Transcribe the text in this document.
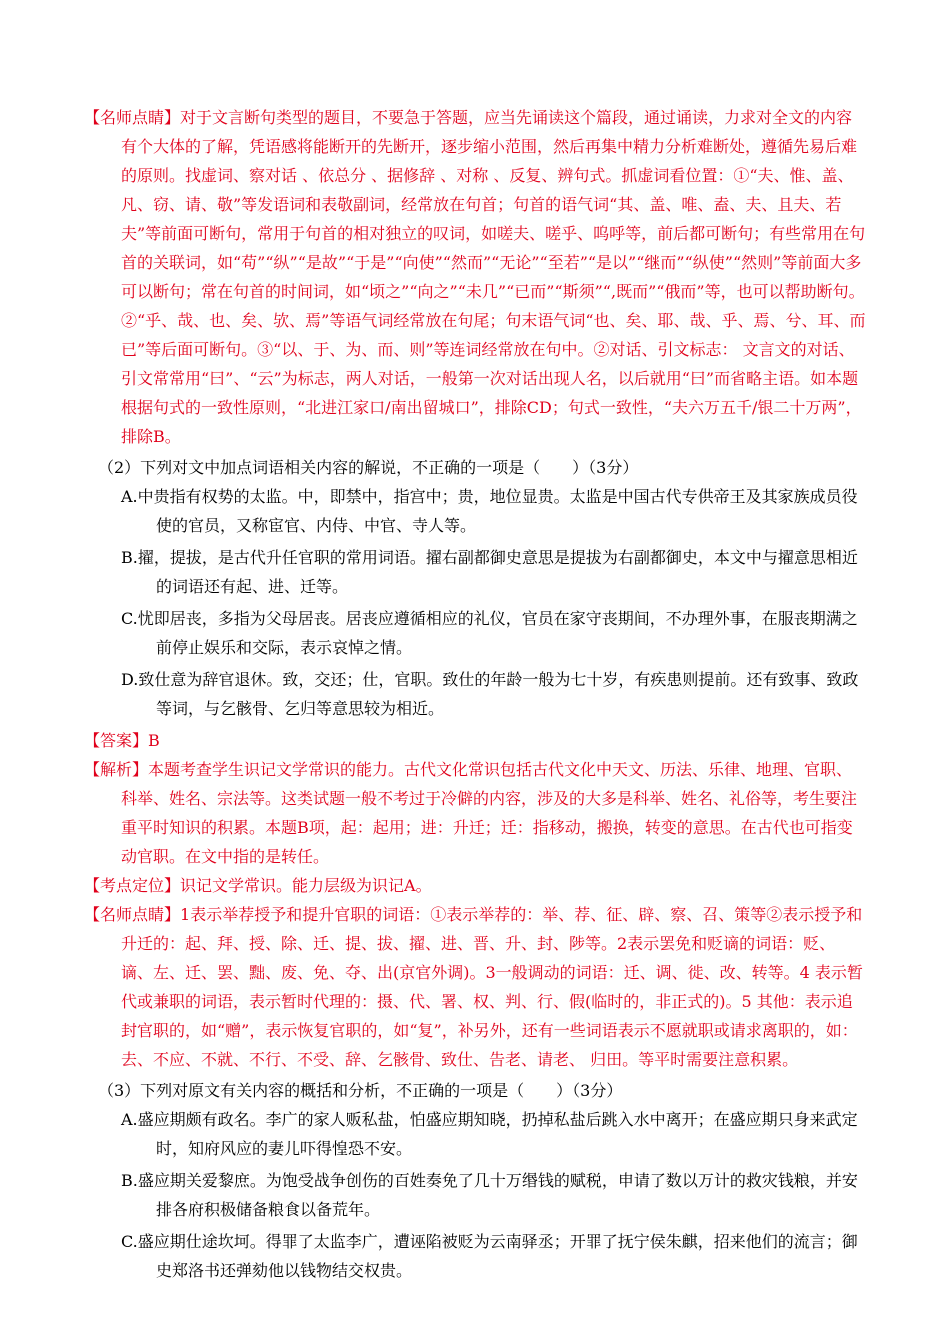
【名师点睛】对于文言断句类型的题目，不要急于答题，应当先诵读这个篇段，通过诵读，力求对全文的内容有个大体的了解，凭语感将能断开的先断开，逐步缩小范围，然后再集中精力分析难断处，遵循先易后难的原则。找虚词、察对话 、依总分 、据修辞 、对称 、反复、辨句式。抓虚词看位置：①“夫、惟、盖、凡、窃、请、敬”等发语词和表敬副词，经常放在句首；句首的语气词“其、盖、唯、盍、夫、且夫、若夫”等前面可断句，常用于句首的相对独立的叹词，如嗟夫、嗟乎、呜呼等，前后都可断句；有些常用在句首的关联词，如“苟”“纵”“是故”“于是”“向使”“然而”“无论”“至若”“是以”“继而”“纵使”“然则”等前面大多可以断句；常在句首的时间词，如“顷之”“向之”“未几”“已而”“斯须”“,既而”“俄而”等，也可以帮助断句。②“乎、哉、也、矣、欤、焉”等语气词经常放在句尾；句末语气词“也、矣、耶、哉、乎、焉、兮、耳、而已”等后面可断句。③“以、于、为、而、则”等连词经常放在句中。②对话、引文标志： 文言文的对话、引文常常用“曰”、“云”为标志，两人对话，一般第一次对话出现人名，以后就用“曰”而省略主语。如本题根据句式的一致性原则，“北进江家口/南出留城口”，排除CD；句式一致性，“夫六万五千/银二十万两”，排除B。

（2）下列对文中加点词语相关内容的解说，不正确的一项是（　　）（3分）

A.中贵指有权势的太监。中，即禁中，指宫中；贵，地位显贵。太监是中国古代专供帝王及其家族成员役使的官员，又称宦官、内侍、中官、寺人等。

B.擢，提拔，是古代升任官职的常用词语。擢右副都御史意思是提拔为右副都御史，本文中与擢意思相近的词语还有起、进、迁等。

C.忧即居丧，多指为父母居丧。居丧应遵循相应的礼仪，官员在家守丧期间，不办理外事，在服丧期满之前停止娱乐和交际，表示哀悼之情。

D.致仕意为辞官退休。致，交还；仕，官职。致仕的年龄一般为七十岁，有疾患则提前。还有致事、致政等词，与乞骸骨、乞归等意思较为相近。

【答案】B

【解析】本题考查学生识记文学常识的能力。古代文化常识包括古代文化中天文、历法、乐律、地理、官职、科举、姓名、宗法等。这类试题一般不考过于冷僻的内容，涉及的大多是科举、姓名、礼俗等，考生要注重平时知识的积累。本题B项，起：起用；进：升迁；迁：指移动，搬换，转变的意思。在古代也可指变动官职。在文中指的是转任。

【考点定位】识记文学常识。能力层级为识记A。

【名师点睛】1表示举荐授予和提升官职的词语：①表示举荐的：举、荐、征、辟、察、召、策等②表示授予和升迁的：起、拜、授、除、迁、提、拔、擢、进、晋、升、封、陟等。2表示罢免和贬谪的词语：贬、谪、左、迁、罢、黜、废、免、夺、出(京官外调)。3一般调动的词语：迁、调、徙、改、转等。4 表示暂代或兼职的词语，表示暂时代理的：摄、代、署、权、判、行、假(临时的，非正式的)。5 其他：表示追封官职的，如“赠”，表示恢复官职的，如“复”，补另外，还有一些词语表示不愿就职或请求离职的，如：去、不应、不就、不行、不受、辞、乞骸骨、致仕、告老、请老、 归田。等平时需要注意积累。

（3）下列对原文有关内容的概括和分析，不正确的一项是（　　）（3分）

A.盛应期颇有政名。李广的家人贩私盐，怕盛应期知晓，扔掉私盐后跳入水中离开；在盛应期只身来武定时，知府风应的妻儿吓得惶恐不安。

B.盛应期关爱黎庶。为饱受战争创伤的百姓奏免了几十万缗钱的赋税，申请了数以万计的救灾钱粮，并安排各府积极储备粮食以备荒年。

C.盛应期仕途坎坷。得罪了太监李广，遭诬陷被贬为云南驿丞；开罪了抚宁侯朱麒，招来他们的流言；御史郑洛书还弹劾他以钱物结交权贵。
